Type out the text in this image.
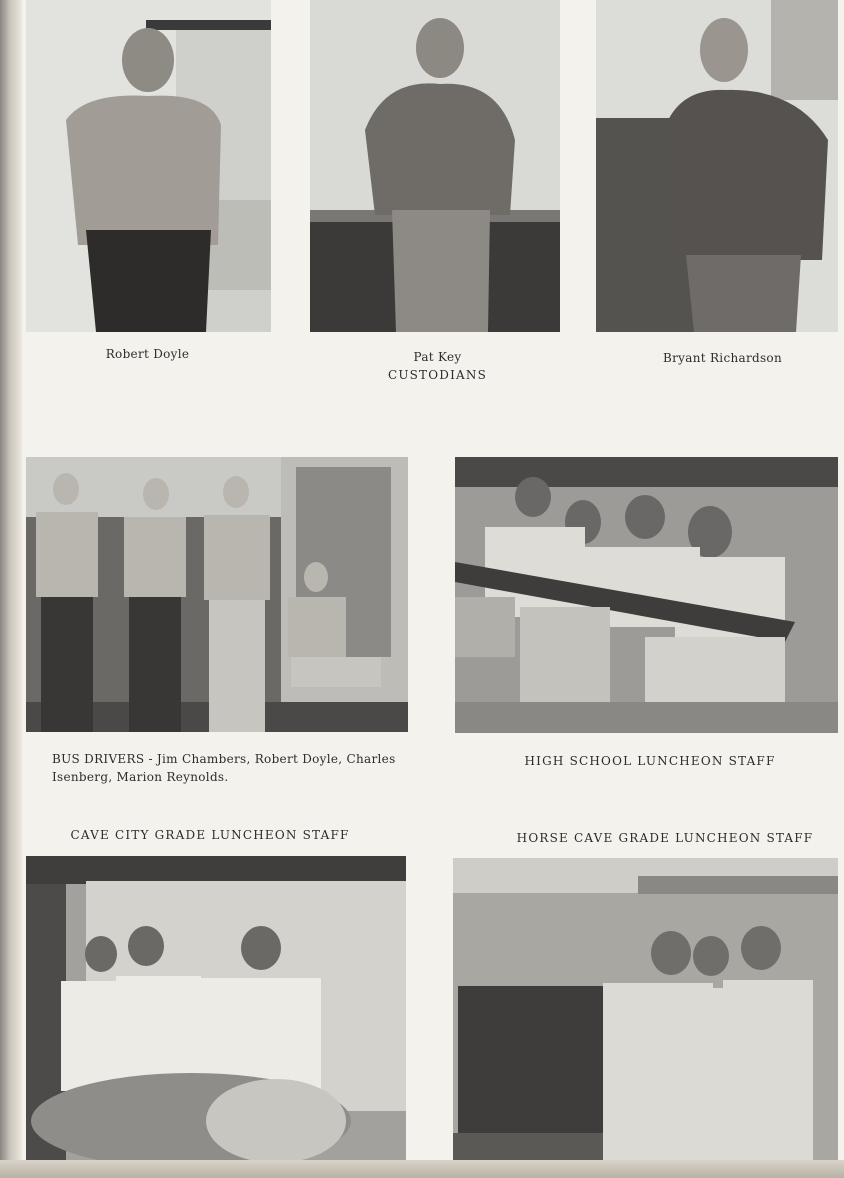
Robert Doyle	Pat Key
CUSTODIANS
Bryant Richardson
BUS DRIVERS - Jim Chambers, Robert Doyle, Charles
Isenberg, Marion Reynolds.
HIGH SCHOOL LUNCHEON STAFF
CAVE CITY GRADE LUNCHEON STAFF	HORSE CAVE GRADE LUNCHEON STAFF
